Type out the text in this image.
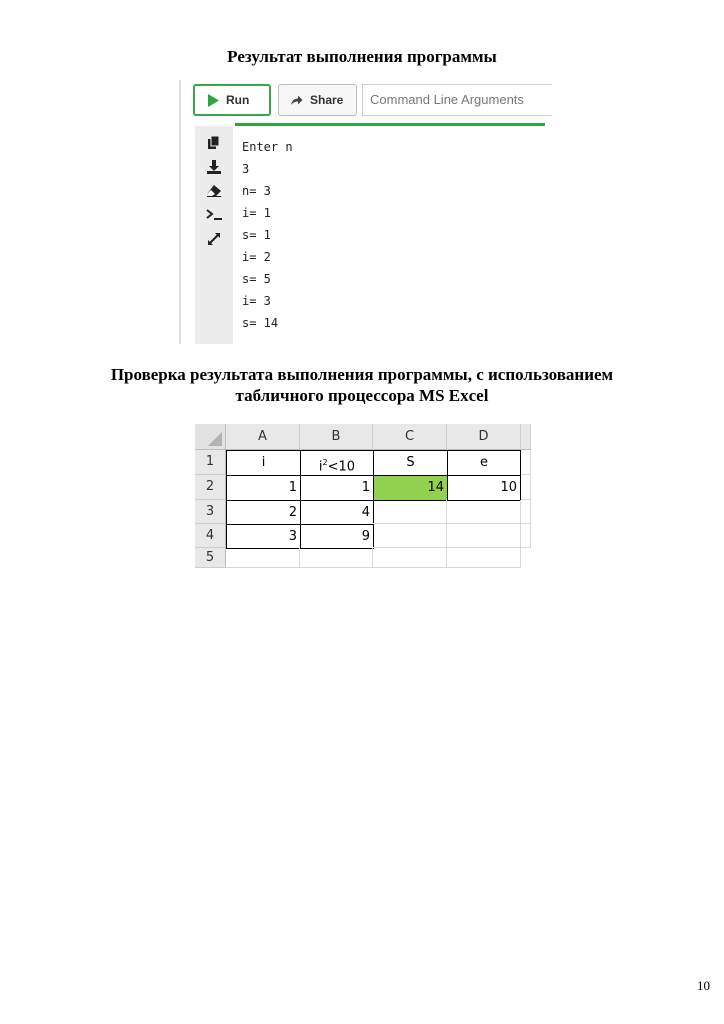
Результат выполнения программы
Run	Share	Command Line Arguments
Enter n
3
n= 3
i= 1
s= 1
i= 2
s= 5
i= 3
s= 14
Проверка результата выполнения программы, с использованием
табличного процессора MS Excel
A	B	C	D
1
2
3
4
5
i	$i^2<10$	S	e
1	1	14	10
2	4
3	9
10
